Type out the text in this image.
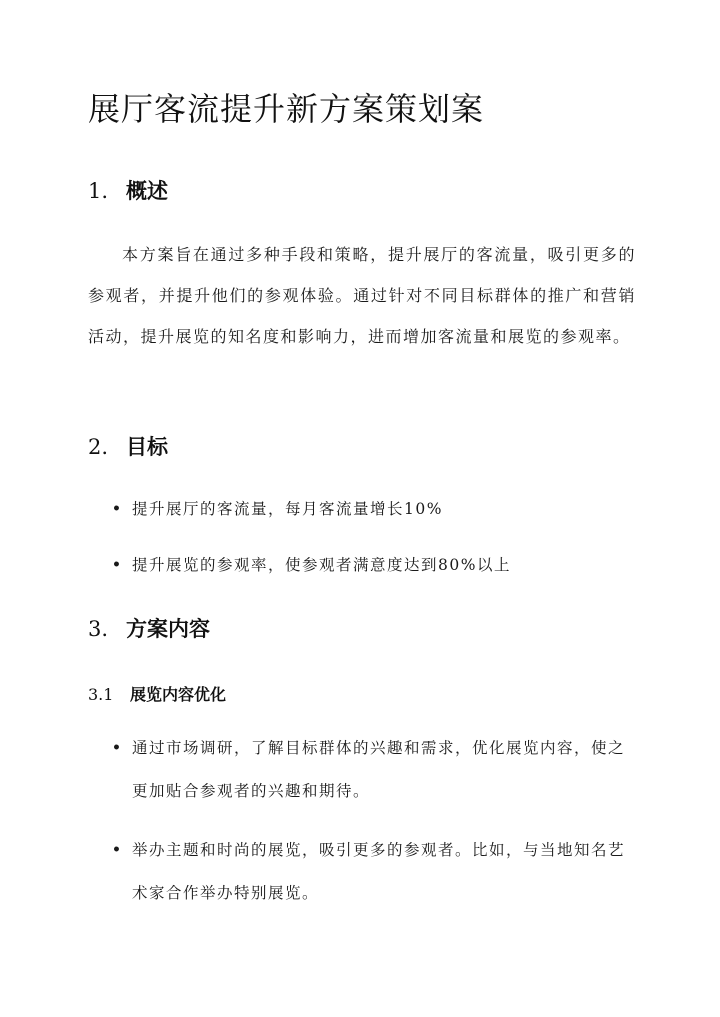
展厅客流提升新方案策划案
1. 概述

本方案旨在通过多种手段和策略，提升展厅的客流量，吸引更多的参观者，并提升他们的参观体验。通过针对不同目标群体的推广和营销活动，提升展览的知名度和影响力，进而增加客流量和展览的参观率。

2. 目标
• 提升展厅的客流量，每月客流量增长10%
• 提升展览的参观率，使参观者满意度达到80%以上
3. 方案内容
3.1 展览内容优化
• 通过市场调研，了解目标群体的兴趣和需求，优化展览内容，使之更加贴合参观者的兴趣和期待。
• 举办主题和时尚的展览，吸引更多的参观者。比如，与当地知名艺术家合作举办特别展览。
